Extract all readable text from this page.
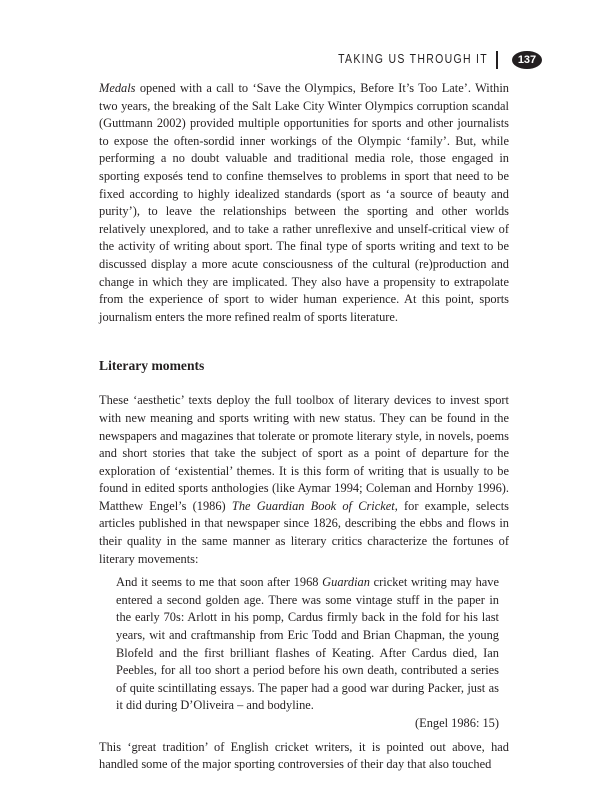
TAKING US THROUGH IT	137

Medals opened with a call to ‘Save the Olympics, Before It’s Too Late’. Within two years, the breaking of the Salt Lake City Winter Olympics corruption scandal (Guttmann 2002) provided multiple opportunities for sports and other journalists to expose the often-sordid inner workings of the Olympic ‘family’. But, while performing a no doubt valuable and traditional media role, those engaged in sporting exposés tend to confine themselves to problems in sport that need to be fixed according to highly idealized standards (sport as ‘a source of beauty and purity’), to leave the relationships between the sporting and other worlds relatively unexplored, and to take a rather unreflexive and unself-critical view of the activity of writing about sport. The final type of sports writing and text to be discussed display a more acute consciousness of the cultural (re)production and change in which they are implicated. They also have a propensity to extrapolate from the experience of sport to wider human experience. At this point, sports journalism enters the more refined realm of sports literature.

Literary moments

These ‘aesthetic’ texts deploy the full toolbox of literary devices to invest sport with new meaning and sports writing with new status. They can be found in the newspapers and magazines that tolerate or promote literary style, in novels, poems and short stories that take the subject of sport as a point of departure for the exploration of ‘existential’ themes. It is this form of writing that is usually to be found in edited sports anthologies (like Aymar 1994; Coleman and Hornby 1996). Matthew Engel’s (1986) The Guardian Book of Cricket, for example, selects articles published in that newspaper since 1826, describing the ebbs and flows in their quality in the same manner as literary critics characterize the fortunes of literary movements:

And it seems to me that soon after 1968 Guardian cricket writing may have entered a second golden age. There was some vintage stuff in the paper in the early 70s: Arlott in his pomp, Cardus firmly back in the fold for his last years, wit and craftmanship from Eric Todd and Brian Chapman, the young Blofeld and the first brilliant flashes of Keating. After Cardus died, Ian Peebles, for all too short a period before his own death, contributed a series of quite scintillating essays. The paper had a good war during Packer, just as it did during D’Oliveira – and bodyline.

(Engel 1986: 15)

This ‘great tradition’ of English cricket writers, it is pointed out above, had handled some of the major sporting controversies of their day that also touched
